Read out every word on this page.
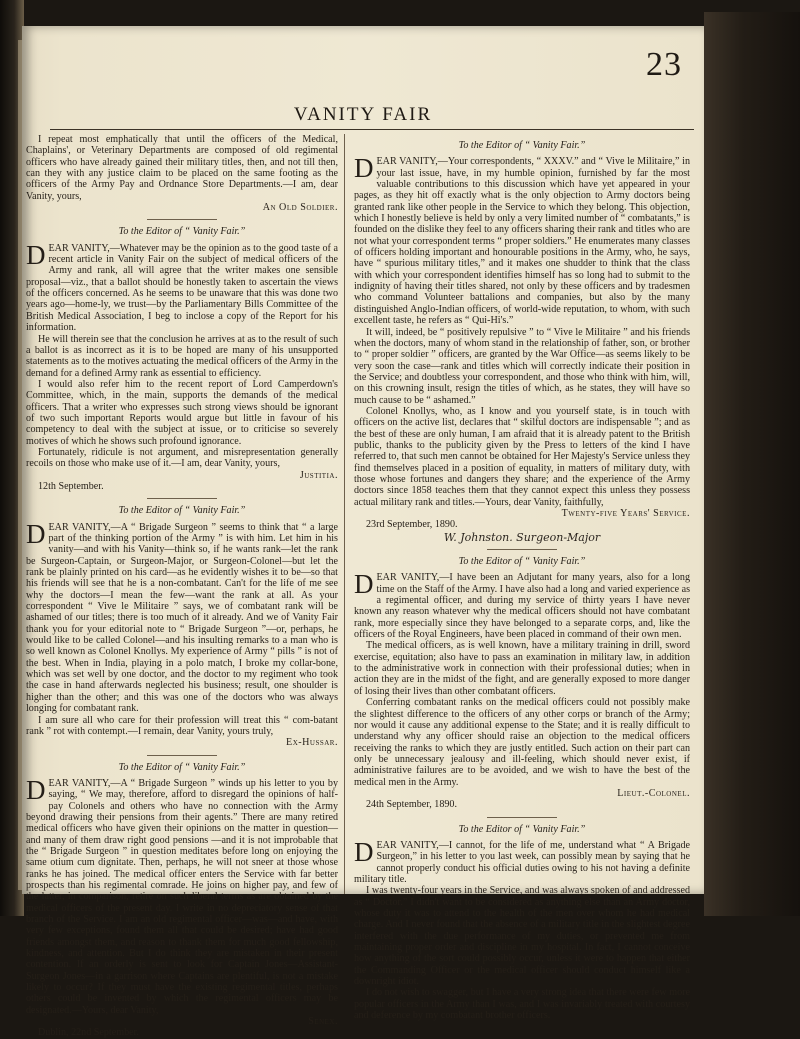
23
VANITY FAIR

I repeat most emphatically that until the officers of the Medical, Chaplains', or Veterinary Departments are composed of old regimental officers who have already gained their military titles, then, and not till then, can they with any justice claim to be placed on the same footing as the officers of the Army Pay and Ordnance Store Departments.—I am, dear Vanity, yours,

An Old Soldier.
To the Editor of “ Vanity Fair.”

DEAR VANITY,—Whatever may be the opinion as to the good taste of a recent article in Vanity Fair on the subject of medical officers of the Army and rank, all will agree that the writer makes one sensible proposal—viz., that a ballot should be honestly taken to ascertain the views of the officers concerned. As he seems to be unaware that this was done two years ago—home-ly, we trust—by the Parliamentary Bills Committee of the British Medical Association, I beg to inclose a copy of the Report for his information.

He will therein see that the conclusion he arrives at as to the result of such a ballot is as incorrect as it is to be hoped are many of his unsupported statements as to the motives actuating the medical officers of the Army in the demand for a defined Army rank as essential to efficiency.

I would also refer him to the recent report of Lord Camperdown's Committee, which, in the main, supports the demands of the medical officers. That a writer who expresses such strong views should be ignorant of two such important Reports would argue but little in favour of his competency to deal with the subject at issue, or to criticise so severely motives of which he shows such profound ignorance.

Fortunately, ridicule is not argument, and misrepresentation generally recoils on those who make use of it.—I am, dear Vanity, yours,

Justitia.

12th September.

To the Editor of “ Vanity Fair.”

DEAR VANITY,—A “ Brigade Surgeon ” seems to think that “ a large part of the thinking portion of the Army ” is with him. Let him in his vanity—and with his Vanity—think so, if he wants rank—let the rank be Surgeon-Captain, or Surgeon-Major, or Surgeon-Colonel—but let the rank be plainly printed on his card—as he evidently wishes it to be—so that his friends will see that he is a non-combatant. Can't for the life of me see why the doctors—I mean the few—want the rank at all. As your correspondent “ Vive le Militaire ” says, we of combatant rank will be ashamed of our titles; there is too much of it already. And we of Vanity Fair thank you for your editorial note to “ Brigade Surgeon ”—or, perhaps, he would like to be called Colonel—and his insulting remarks to a man who is so well known as Colonel Knollys. My experience of Army “ pills ” is not of the best. When in India, playing in a polo match, I broke my collar-bone, which was set well by one doctor, and the doctor to my regiment who took the case in hand afterwards neglected his business; result, one shoulder is higher than the other; and this was one of the doctors who was always longing for combatant rank.

I am sure all who care for their profession will treat this “ com-batant rank ” rot with contempt.—I remain, dear Vanity, yours truly,

Ex-Hussar.
To the Editor of “ Vanity Fair.”

DEAR VANITY,—A “ Brigade Surgeon ” winds up his letter to you by saying, “ We may, therefore, afford to disregard the opinions of half-pay Colonels and others who have no connection with the Army beyond drawing their pensions from their agents.” There are many retired medical officers who have given their opinions on the matter in question—and many of them draw right good pensions —and it is not improbable that the “ Brigade Surgeon ” in question meditates before long on enjoying the same otium cum dignitate. Then, perhaps, he will not sneer at those whose ranks he has joined. The medical officer enters the Service with far better prospects than his regimental comrade. He joins on higher pay, and few of the latter, in comparison, retire on such liberal terms as are obtained by the medical officers of the present day. I write in no depreciatory sense of that branch of the Service. I am an old regimental officer—was—and have, with very few exceptions, found them all that could be desired; have had good friends amongst them, and reason to thank them for much good fellowship, kindness, and attention. But I do think they are mistaken in their present contention. If an orderly is sent to look for Captain Jones—Assistant-Surgeon Jones—in a garrison where Captains are plentiful, is not a mistake likely to occur? If they must have the existing regimental titles, perhaps others could be invented by which the regimental officers may be designated.—Yours, dear Vanity,

Senex.

Dublin, 22nd September.

To the Editor of “ Vanity Fair.”

DEAR VANITY,—Your correspondents, “ XXXV.” and “ Vive le Militaire,” in your last issue, have, in my humble opinion, furnished by far the most valuable contributions to this discussion which have yet appeared in your pages, as they hit off exactly what is the only objection to Army doctors being granted rank like other people in the Service to which they belong. This objection, which I honestly believe is held by only a very limited number of “ combatants,” is founded on the dislike they feel to any officers sharing their rank and titles who are not what your correspondent terms “ proper soldiers.” He enumerates many classes of officers holding important and honourable positions in the Army, who, he says, have “ spurious military titles,” and it makes one shudder to think that the class with which your correspondent identifies himself has so long had to submit to the indignity of having their titles shared, not only by these officers and by tradesmen who command Volunteer battalions and companies, but also by the many distinguished Anglo-Indian officers, of world-wide reputation, to whom, with such excellent taste, he refers as “ Qui-Hi's.”

It will, indeed, be “ positively repulsive ” to “ Vive le Militaire ” and his friends when the doctors, many of whom stand in the relationship of father, son, or brother to “ proper soldier ” officers, are granted by the War Office—as seems likely to be very soon the case—rank and titles which will correctly indicate their position in the Service; and doubtless your correspondent, and those who think with him, will, on this crowning insult, resign the titles of which, as he states, they will have so much cause to be “ ashamed.”

Colonel Knollys, who, as I know and you yourself state, is in touch with officers on the active list, declares that “ skilful doctors are indispensable ”; and as the best of these are only human, I am afraid that it is already patent to the British public, thanks to the publicity given by the Press to letters of the kind I have referred to, that such men cannot be obtained for Her Majesty's Service unless they find themselves placed in a position of equality, in matters of military duty, with those whose fortunes and dangers they share; and the experience of the Army doctors since 1858 teaches them that they cannot expect this unless they possess actual military rank and titles.—Yours, dear Vanity, faithfully,

Twenty-five Years' Service.

23rd September, 1890.

W. Johnston. Surgeon-Major
To the Editor of “ Vanity Fair.”

DEAR VANITY,—I have been an Adjutant for many years, also for a long time on the Staff of the Army. I have also had a long and varied experience as a regimental officer, and during my service of thirty years I have never known any reason whatever why the medical officers should not have combatant rank, more especially since they have belonged to a separate corps, and, like the officers of the Royal Engineers, have been placed in command of their own men.

The medical officers, as is well known, have a military training in drill, sword exercise, equitation; also have to pass an examination in military law, in addition to the administrative work in connection with their professional duties; when in action they are in the midst of the fight, and are generally exposed to more danger of losing their lives than other combatant officers.

Conferring combatant ranks on the medical officers could not possibly make the slightest difference to the officers of any other corps or branch of the Army; nor would it cause any additional expense to the State; and it is really difficult to understand why any officer should raise an objection to the medical officers receiving the ranks to which they are justly entitled. Such action on their part can only be unnecessary jealousy and ill-feeling, which should never exist, if administrative failures are to be avoided, and we wish to have the best of the medical men in the Army.

Lieut.-Colonel.

24th September, 1890.

To the Editor of “ Vanity Fair.”

DEAR VANITY,—I cannot, for the life of me, understand what “ A Brigade Surgeon,” in his letter to you last week, can possibly mean by saying that he cannot properly conduct his official duties owing to his not having a definite military title.

I was twenty-four years in the Service, and was always spoken of and addressed as “ Doctor.” I didn't want to be considered as anything else than an Army doctor, whose duty it was to attend to the health of the men over whom he had medical charge. And I never found that the absence of a military title in the slightest degree interfered with the due performance of my duties, or prevented me from maintaining proper order and discipline in my hospital. In fact, I cannot conceive how anything of the sort could possibly occur, unless it were to happen that either the Commanding Officer or the medical officer should conduct himself like a downright idiot.

I do not wish to swagger, but I have a very strong idea that there were few more popular officers in the Army than I was, and I was invariably treated with courtesy and deference by my combatant brother officers.
